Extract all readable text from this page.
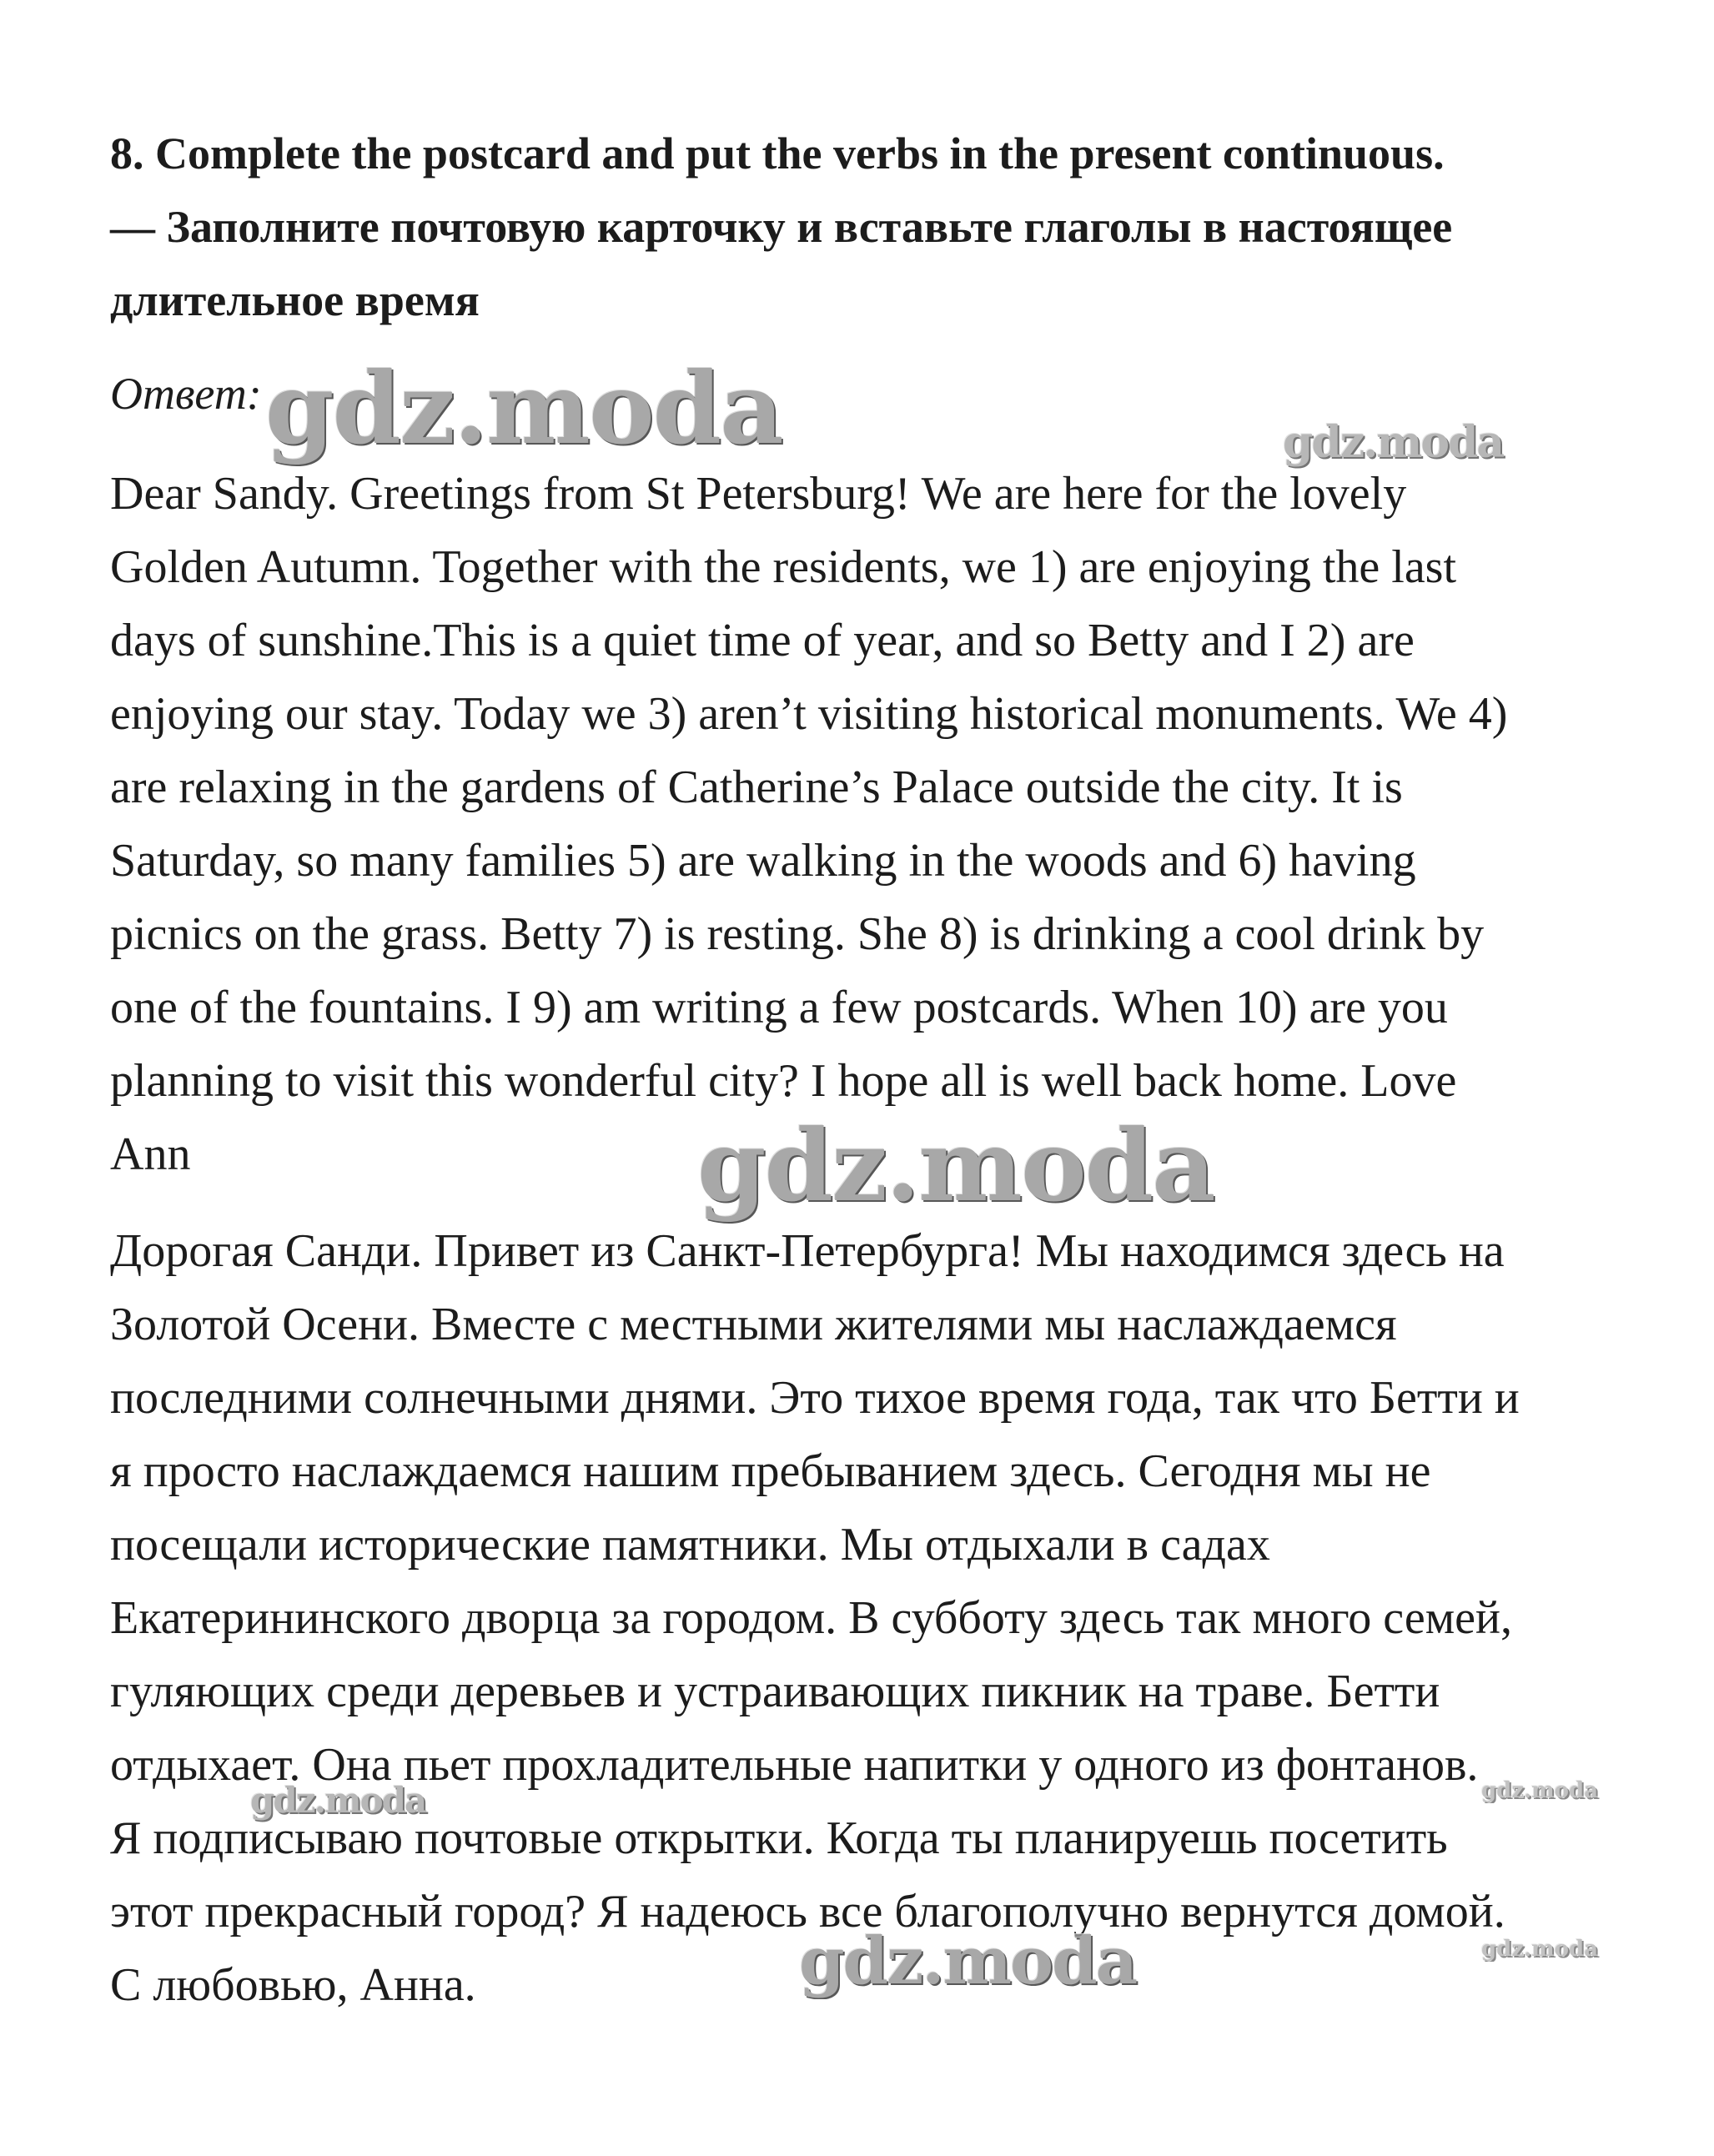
8. Complete the postcard and put the verbs in the present continuous.
— Заполните почтовую карточку и вставьте глаголы в настоящее
длительное время

Ответ:

Dear Sandy. Greetings from St Petersburg! We are here for the lovely
Golden Autumn. Together with the residents, we 1) are enjoying the last
days of sunshine.This is a quiet time of year, and so Betty and I 2) are
enjoying our stay. Today we 3) aren’t visiting historical monuments. We 4)
are relaxing in the gardens of Catherine’s Palace outside the city. It is
Saturday, so many families 5) are walking in the woods and 6) having
picnics on the grass. Betty 7) is resting. She 8) is drinking a cool drink by
one of the fountains. I 9) am writing a few postcards. When 10) are you
planning to visit this wonderful city? I hope all is well back home. Love
Ann

Дорогая Санди. Привет из Санкт-Петербурга! Мы находимся здесь на
Золотой Осени. Вместе с местными жителями мы наслаждаемся
последними солнечными днями. Это тихое время года, так что Бетти и
я просто наслаждаемся нашим пребыванием здесь. Сегодня мы не
посещали исторические памятники. Мы отдыхали в садах
Екатерининского дворца за городом. В субботу здесь так много семей,
гуляющих среди деревьев и устраивающих пикник на траве. Бетти
отдыхает. Она пьет прохладительные напитки у одного из фонтанов.
Я подписываю почтовые открытки. Когда ты планируешь посетить
этот прекрасный город? Я надеюсь все благополучно вернутся домой.
С любовью, Анна.

gdz.moda	gdz.moda
gdz.moda
gdz.moda	gdz.moda
gdz.moda	gdz.moda
